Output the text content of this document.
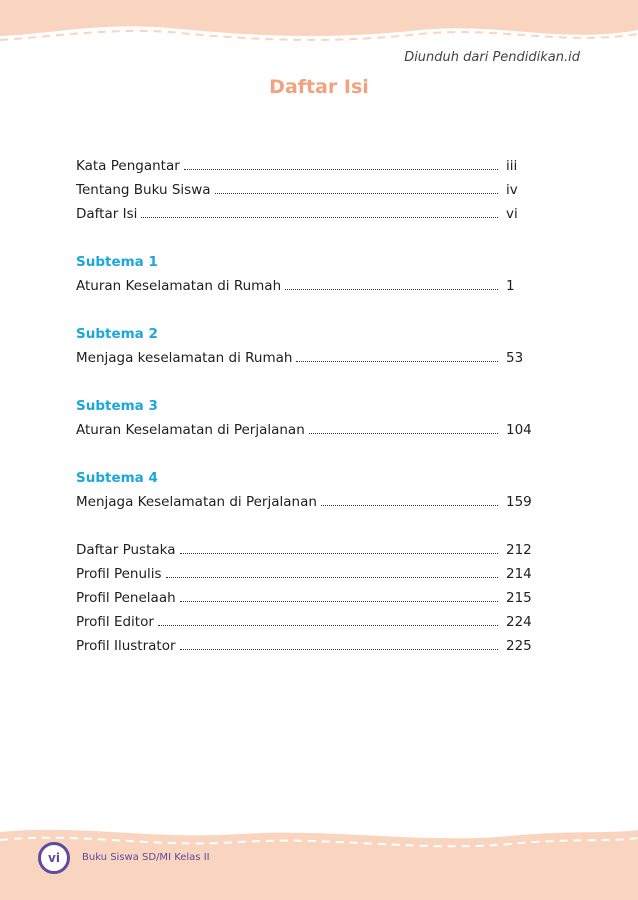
Diunduh dari Pendidikan.id
Daftar Isi
Kata Pengantar	iii
Tentang Buku Siswa	iv
Daftar Isi	vi
Subtema 1
Aturan Keselamatan di Rumah	1
Subtema 2
Menjaga keselamatan di Rumah	53
Subtema 3
Aturan Keselamatan di Perjalanan	104
Subtema 4
Menjaga Keselamatan di Perjalanan	159
Daftar Pustaka	212
Profil Penulis	214
Profil Penelaah	215
Profil Editor	224
Profil Ilustrator	225
vi	Buku Siswa SD/MI Kelas II
